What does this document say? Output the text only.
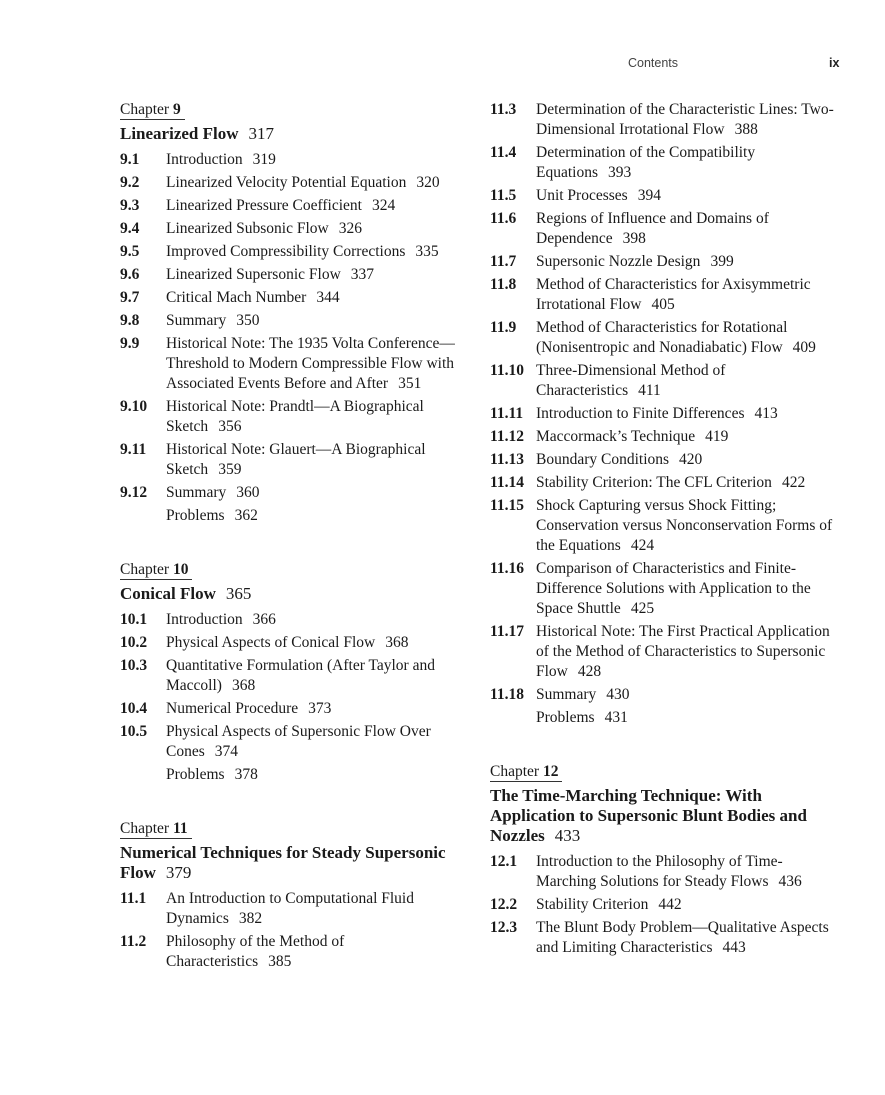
Contents	ix
Chapter 9
Linearized Flow 317
9.1	Introduction 319
9.2	Linearized Velocity Potential Equation 320
9.3	Linearized Pressure Coefficient 324
9.4	Linearized Subsonic Flow 326
9.5	Improved Compressibility Corrections 335
9.6	Linearized Supersonic Flow 337
9.7	Critical Mach Number 344
9.8	Summary 350
9.9	Historical Note: The 1935 Volta Conference—Threshold to Modern Compressible Flow with Associated Events Before and After 351
9.10	Historical Note: Prandtl—A Biographical Sketch 356
9.11	Historical Note: Glauert—A Biographical Sketch 359
9.12	Summary 360
Problems 362
Chapter 10
Conical Flow 365
10.1	Introduction 366
10.2	Physical Aspects of Conical Flow 368
10.3	Quantitative Formulation (After Taylor and Maccoll) 368
10.4	Numerical Procedure 373
10.5	Physical Aspects of Supersonic Flow Over Cones 374
Problems 378
Chapter 11
Numerical Techniques for Steady Supersonic Flow 379
11.1	An Introduction to Computational Fluid Dynamics 382
11.2	Philosophy of the Method of Characteristics 385
11.3	Determination of the Characteristic Lines: Two-Dimensional Irrotational Flow 388
11.4	Determination of the Compatibility Equations 393
11.5	Unit Processes 394
11.6	Regions of Influence and Domains of Dependence 398
11.7	Supersonic Nozzle Design 399
11.8	Method of Characteristics for Axisymmetric Irrotational Flow 405
11.9	Method of Characteristics for Rotational (Nonisentropic and Nonadiabatic) Flow 409
11.10 Three-Dimensional Method of Characteristics 411
11.11 Introduction to Finite Differences 413
11.12 Maccormack’s Technique 419
11.13 Boundary Conditions 420
11.14 Stability Criterion: The CFL Criterion 422
11.15 Shock Capturing versus Shock Fitting; Conservation versus Nonconservation Forms of the Equations 424
11.16 Comparison of Characteristics and Finite-Difference Solutions with Application to the Space Shuttle 425
11.17 Historical Note: The First Practical Application of the Method of Characteristics to Supersonic Flow 428
11.18 Summary 430
Problems 431
Chapter 12
The Time-Marching Technique: With Application to Supersonic Blunt Bodies and Nozzles 433
12.1	Introduction to the Philosophy of Time-Marching Solutions for Steady Flows 436
12.2	Stability Criterion 442
12.3	The Blunt Body Problem—Qualitative Aspects and Limiting Characteristics 443
